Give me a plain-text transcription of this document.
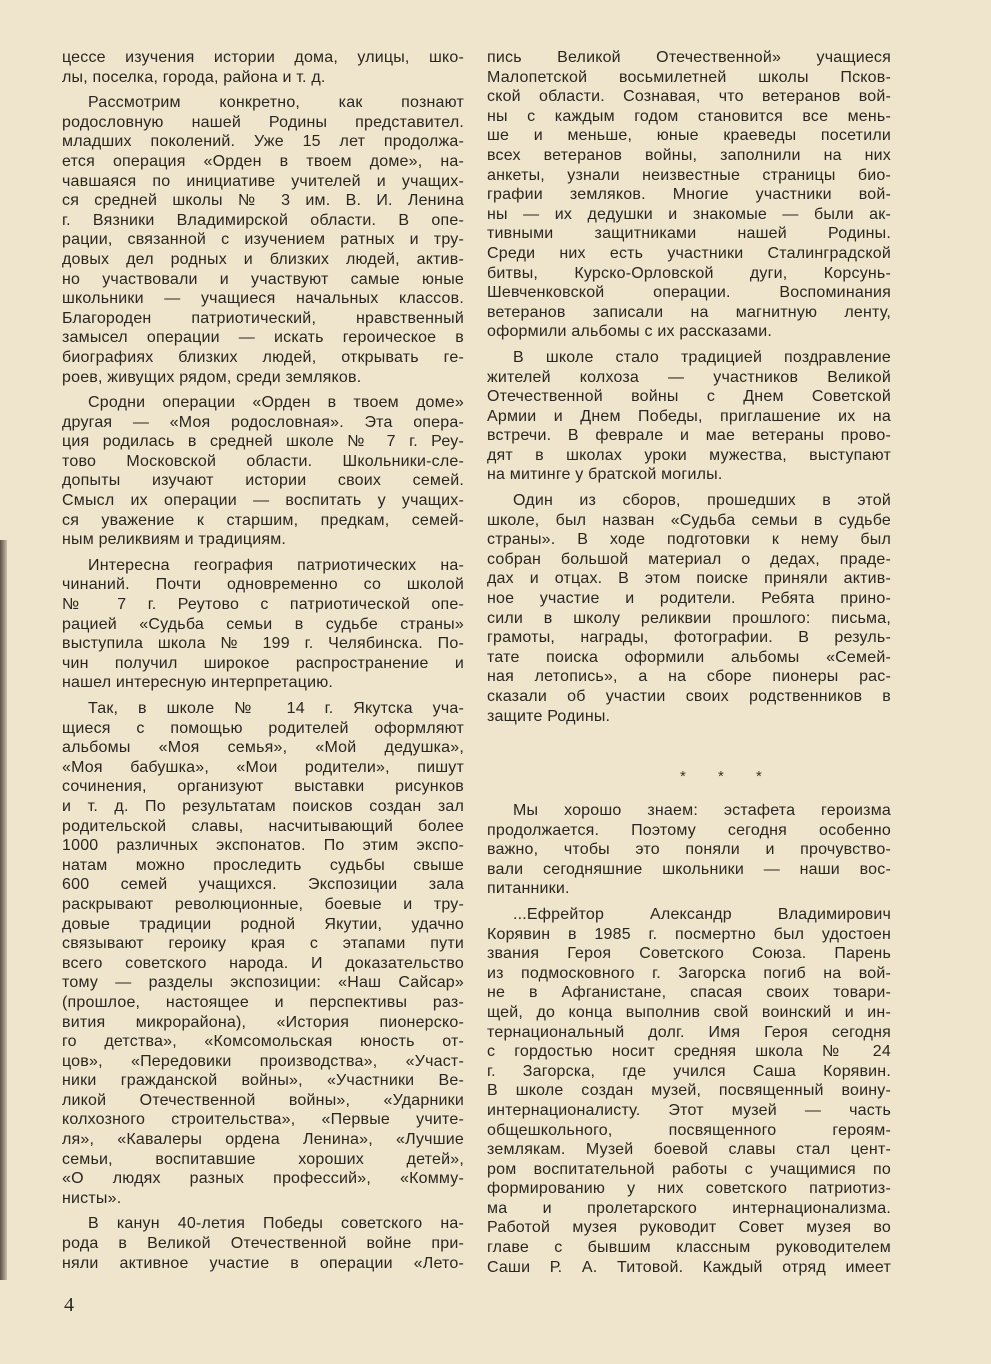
цессе изучения истории дома, улицы, шко-
лы, поселка, города, района и т. д.
Рассмотрим конкретно, как познают
родословную нашей Родины представител.
младших поколений. Уже 15 лет продолжа-
ется операция «Орден в твоем доме», на-
чавшаяся по инициативе учителей и учащих-
ся средней школы № 3 им. В. И. Ленина
г. Вязники Владимирской области. В опе-
рации, связанной с изучением ратных и тру-
довых дел родных и близких людей, актив-
но участвовали и участвуют самые юные
школьники — учащиеся начальных классов.
Благороден патриотический, нравственный
замысел операции — искать героическое в
биографиях близких людей, открывать ге-
роев, живущих рядом, среди земляков.
Сродни операции «Орден в твоем доме»
другая — «Моя родословная». Эта опера-
ция родилась в средней школе № 7 г. Реу-
тово Московской области. Школьники-сле-
допыты изучают истории своих семей.
Смысл их операции — воспитать у учащих-
ся уважение к старшим, предкам, семей-
ным реликвиям и традициям.
Интересна география патриотических на-
чинаний. Почти одновременно со школой
№ 7 г. Реутово с патриотической опе-
рацией «Судьба семьи в судьбе страны»
выступила школа № 199 г. Челябинска. По-
чин получил широкое распространение и
нашел интересную интерпретацию.
Так, в школе № 14 г. Якутска уча-
щиеся с помощью родителей оформляют
альбомы «Моя семья», «Мой дедушка»,
«Моя бабушка», «Мои родители», пишут
сочинения, организуют выставки рисунков
и т. д. По результатам поисков создан зал
родительской славы, насчитывающий более
1000 различных экспонатов. По этим экспо-
натам можно проследить судьбы свыше
600 семей учащихся. Экспозиции зала
раскрывают революционные, боевые и тру-
довые традиции родной Якутии, удачно
связывают героику края с этапами пути
всего советского народа. И доказательство
тому — разделы экспозиции: «Наш Сайсар»
(прошлое, настоящее и перспективы раз-
вития микрорайона), «История пионерско-
го детства», «Комсомольская юность от-
цов», «Передовики производства», «Участ-
ники гражданской войны», «Участники Ве-
ликой Отечественной войны», «Ударники
колхозного строительства», «Первые учите-
ля», «Кавалеры ордена Ленина», «Лучшие
семьи, воспитавшие хороших детей»,
«О людях разных профессий», «Комму-
нисты».
В канун 40-летия Победы советского на-
рода в Великой Отечественной войне при-
няли активное участие в операции «Лето-
пись Великой Отечественной» учащиеся
Малопетской восьмилетней школы Псков-
ской области. Сознавая, что ветеранов вой-
ны с каждым годом становится все мень-
ше и меньше, юные краеведы посетили
всех ветеранов войны, заполнили на них
анкеты, узнали неизвестные страницы био-
графии земляков. Многие участники вой-
ны — их дедушки и знакомые — были ак-
тивными защитниками нашей Родины.
Среди них есть участники Сталинградской
битвы, Курско-Орловской дуги, Корсунь-
Шевченковской операции. Воспоминания
ветеранов записали на магнитную ленту,
оформили альбомы с их рассказами.
В школе стало традицией поздравление
жителей колхоза — участников Великой
Отечественной войны с Днем Советской
Армии и Днем Победы, приглашение их на
встречи. В феврале и мае ветераны прово-
дят в школах уроки мужества, выступают
на митинге у братской могилы.
Один из сборов, прошедших в этой
школе, был назван «Судьба семьи в судьбе
страны». В ходе подготовки к нему был
собран большой материал о дедах, праде-
дах и отцах. В этом поиске приняли актив-
ное участие и родители. Ребята прино-
сили в школу реликвии прошлого: письма,
грамоты, награды, фотографии. В резуль-
тате поиска оформили альбомы «Семей-
ная летопись», а на сборе пионеры рас-
сказали об участии своих родственников в
защите Родины.
* * *
Мы хорошо знаем: эстафета героизма
продолжается. Поэтому сегодня особенно
важно, чтобы это поняли и прочувство-
вали сегодняшние школьники — наши вос-
питанники.
...Ефрейтор Александр Владимирович
Корявин в 1985 г. посмертно был удостоен
звания Героя Советского Союза. Парень
из подмосковного г. Загорска погиб на вой-
не в Афганистане, спасая своих товари-
щей, до конца выполнив свой воинский и ин-
тернациональный долг. Имя Героя сегодня
с гордостью носит средняя школа № 24
г. Загорска, где учился Саша Корявин.
В школе создан музей, посвященный воину-
интернационалисту. Этот музей — часть
общешкольного, посвященного героям-
землякам. Музей боевой славы стал цент-
ром воспитательной работы с учащимися по
формированию у них советского патриотиз-
ма и пролетарского интернационализма.
Работой музея руководит Совет музея во
главе с бывшим классным руководителем
Саши Р. А. Титовой. Каждый отряд имеет
4
